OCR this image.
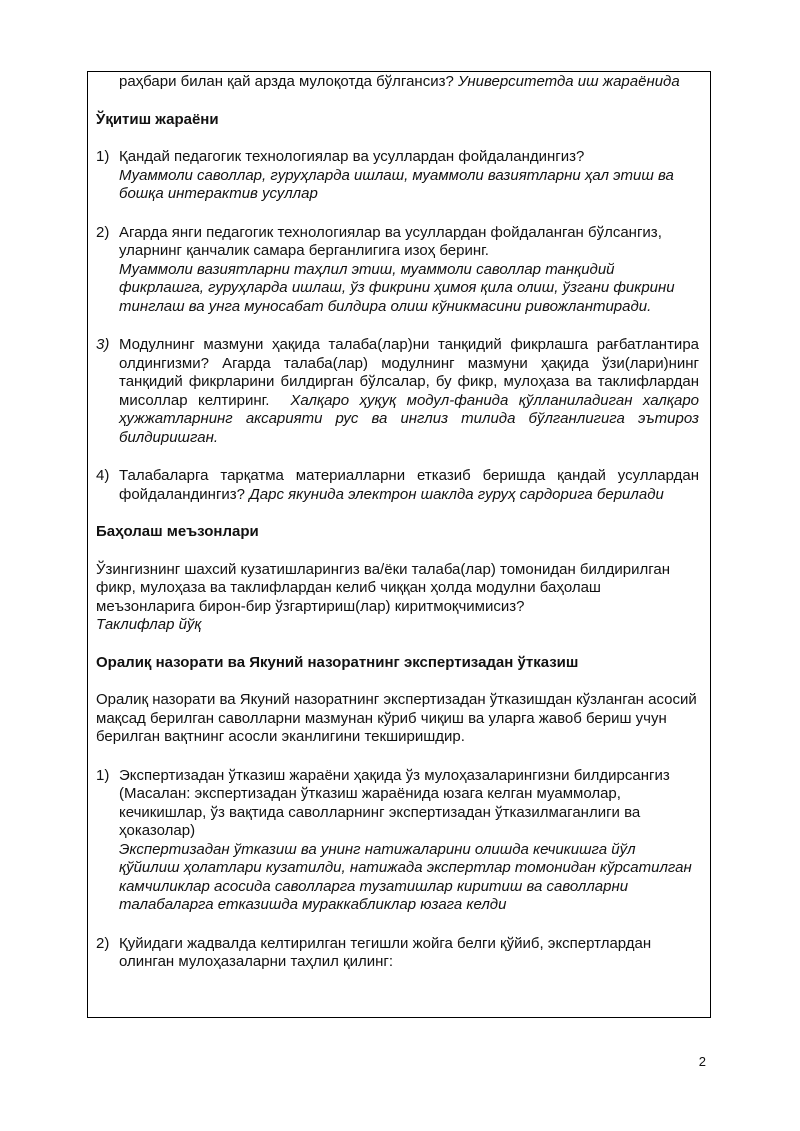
раҳбари билан қай арзда мулоқотда бўлгансиз? Университетда иш жараёнида

Ўқитиш жараёни

1) Қандай педагогик технологиялар ва усуллардан фойдаландингиз?

Муаммоли саволлар, гуруҳларда ишлаш, муаммоли вазиятларни ҳал этиш ва бошқа интерактив усуллар

2) Агарда янги педагогик технологиялар ва усуллардан фойдаланган бўлсангиз, уларнинг қанчалик самара берганлигига изоҳ беринг.

Муаммоли вазиятларни таҳлил этиш, муаммоли саволлар танқидий фикрлашга, гуруҳларда ишлаш, ўз фикрини ҳимоя қила олиш, ўзгани фикрини тинглаш ва унга муносабат билдира олиш кўникмасини ривожлантиради.

3) Модулнинг мазмуни ҳақида талаба(лар)ни танқидий фикрлашга рағбатлантира олдингизми? Агарда талаба(лар) модулнинг мазмуни ҳақида ўзи(лари)нинг танқидий фикрларини билдирган бўлсалар, бу фикр, мулоҳаза ва таклифлардан мисоллар келтиринг. Халқаро ҳуқуқ модул-фанида қўлланиладиган халқаро ҳужжатларнинг аксарияти рус ва инглиз тилида бўлганлигига эътироз билдиришган.

4) Талабаларга тарқатма материалларни етказиб беришда қандай усуллардан фойдаландингиз? Дарс якунида электрон шаклда гуруҳ сардорига берилади

Баҳолаш меъзонлари

Ўзингизнинг шахсий кузатишларингиз ва/ёки талаба(лар) томонидан билдирилган фикр, мулоҳаза ва таклифлардан келиб чиққан ҳолда модулни баҳолаш меъзонларига бирон-бир ўзгартириш(лар) киритмоқчимисиз?

Таклифлар йўқ

Оралиқ назорати ва Якуний назоратнинг экспертизадан ўтказиш

Оралиқ назорати ва Якуний назоратнинг экспертизадан ўтказишдан кўзланган асосий мақсад берилган саволларни мазмунан кўриб чиқиш ва уларга жавоб бериш учун берилган вақтнинг асосли эканлигини текширишдир.

1) Экспертизадан ўтказиш жараёни ҳақида ўз мулоҳазаларингизни билдирсангиз (Масалан: экспертизадан ўтказиш жараёнида юзага келган муаммолар, кечикишлар, ўз вақтида саволларнинг экспертизадан ўтказилмаганлиги ва ҳоказолар)

Экспертизадан ўтказиш ва унинг натижаларини олишда кечикишга йўл қўйилиш ҳолатлари кузатилди, натижада экспертлар томонидан кўрсатилган камчиликлар асосида саволларга тузатишлар киритиш ва саволларни талабаларга етказишда мураккабликлар юзага келди

2) Қуйидаги жадвалда келтирилган тегишли жойга белги қўйиб, экспертлардан олинган мулоҳазаларни таҳлил қилинг:

2
